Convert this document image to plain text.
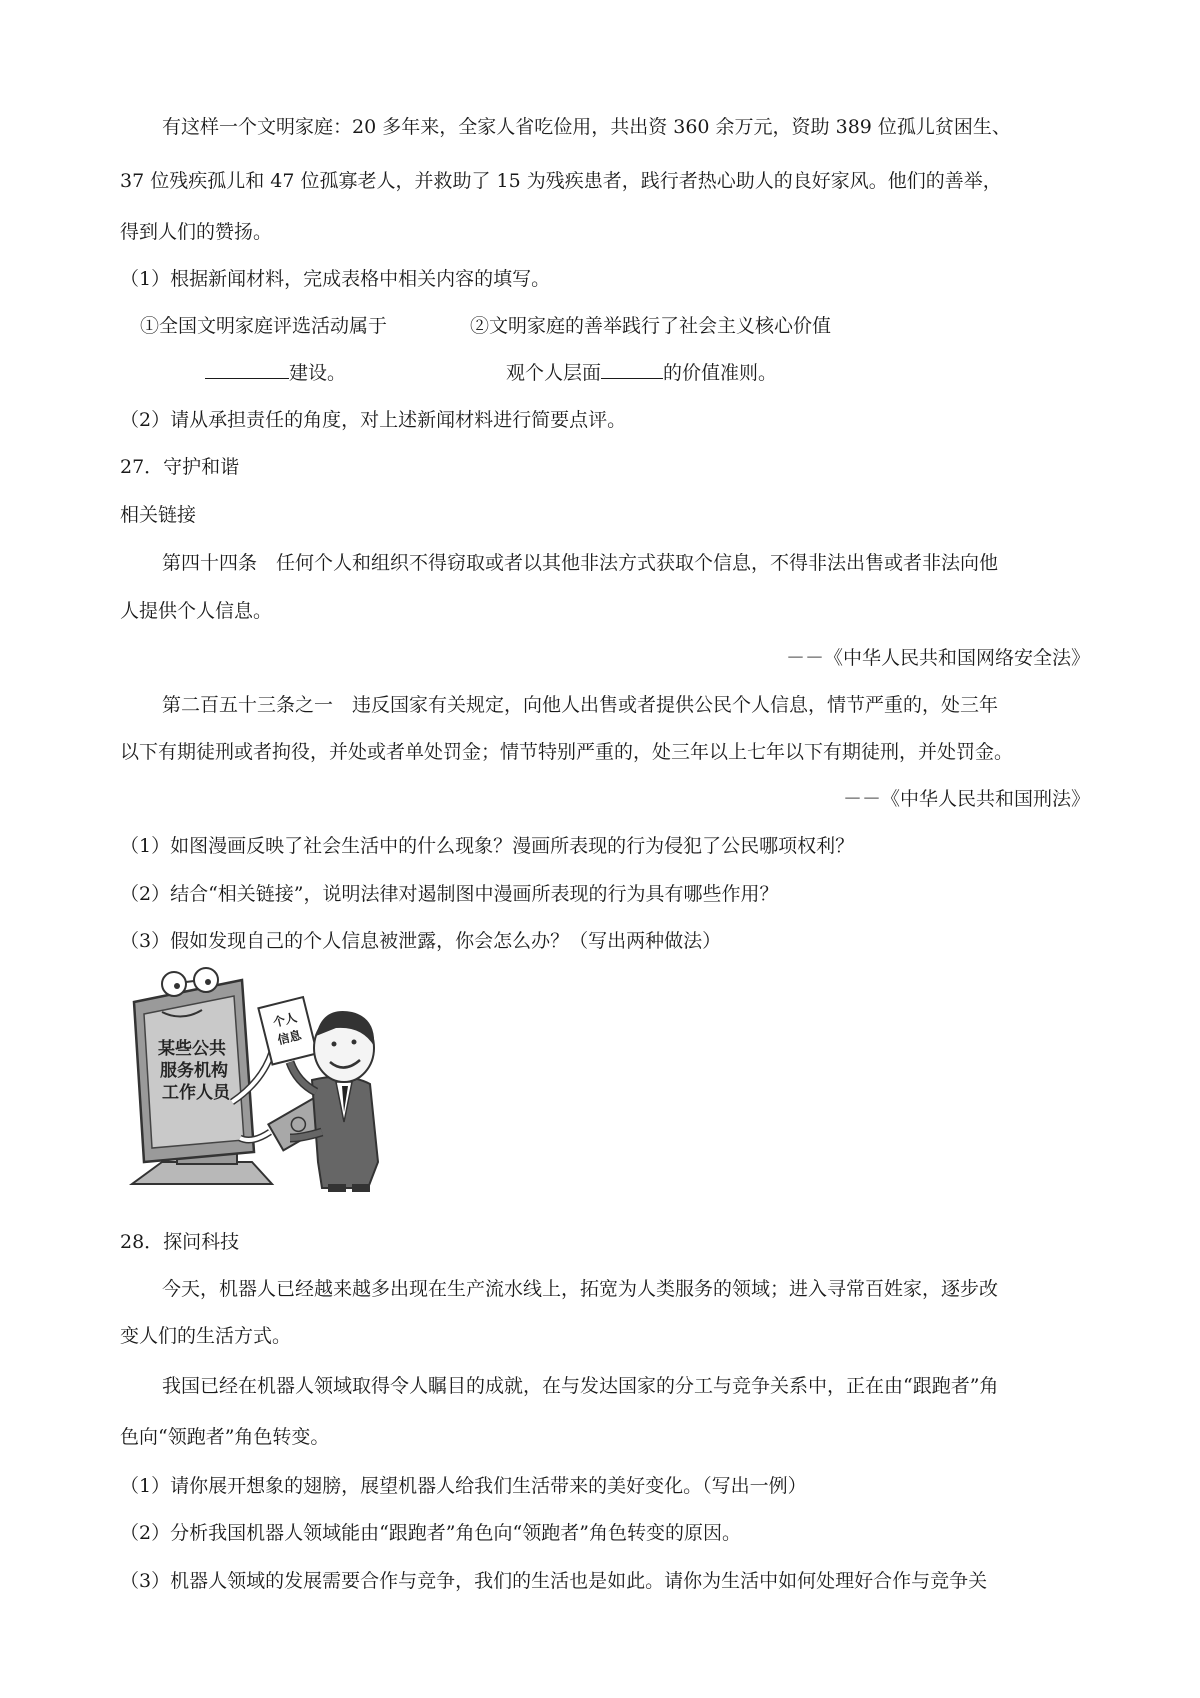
有这样一个文明家庭：20 多年来，全家人省吃俭用，共出资 360 余万元，资助 389 位孤儿贫困生、
37 位残疾孤儿和 47 位孤寡老人，并救助了 15 为残疾患者，践行者热心助人的良好家风。他们的善举，
得到人们的赞扬。
（1）根据新闻材料，完成表格中相关内容的填写。
①全国文明家庭评选活动属于	②文明家庭的善举践行了社会主义核心价值
建设。	观个人层面	的价值准则。
（2）请从承担责任的角度，对上述新闻材料进行简要点评。
27．守护和谐
相关链接
第四十四条　任何个人和组织不得窃取或者以其他非法方式获取个信息，不得非法出售或者非法向他
人提供个人信息。
－－《中华人民共和国网络安全法》
第二百五十三条之一　违反国家有关规定，向他人出售或者提供公民个人信息，情节严重的，处三年
以下有期徒刑或者拘役，并处或者单处罚金；情节特别严重的，处三年以上七年以下有期徒刑，并处罚金。
－－《中华人民共和国刑法》
（1）如图漫画反映了社会生活中的什么现象？漫画所表现的行为侵犯了公民哪项权利？
（2）结合“相关链接”，说明法律对遏制图中漫画所表现的行为具有哪些作用？
（3）假如发现自己的个人信息被泄露，你会怎么办？（写出两种做法）
某些公共
服务机构
工作人员
个人
信息
28．探问科技
今天，机器人已经越来越多出现在生产流水线上，拓宽为人类服务的领域；进入寻常百姓家，逐步改
变人们的生活方式。
我国已经在机器人领域取得令人瞩目的成就，在与发达国家的分工与竞争关系中，正在由“跟跑者”角
色向“领跑者”角色转变。
（1）请你展开想象的翅膀，展望机器人给我们生活带来的美好变化。（写出一例）
（2）分析我国机器人领域能由“跟跑者”角色向“领跑者”角色转变的原因。
（3）机器人领域的发展需要合作与竞争，我们的生活也是如此。请你为生活中如何处理好合作与竞争关
